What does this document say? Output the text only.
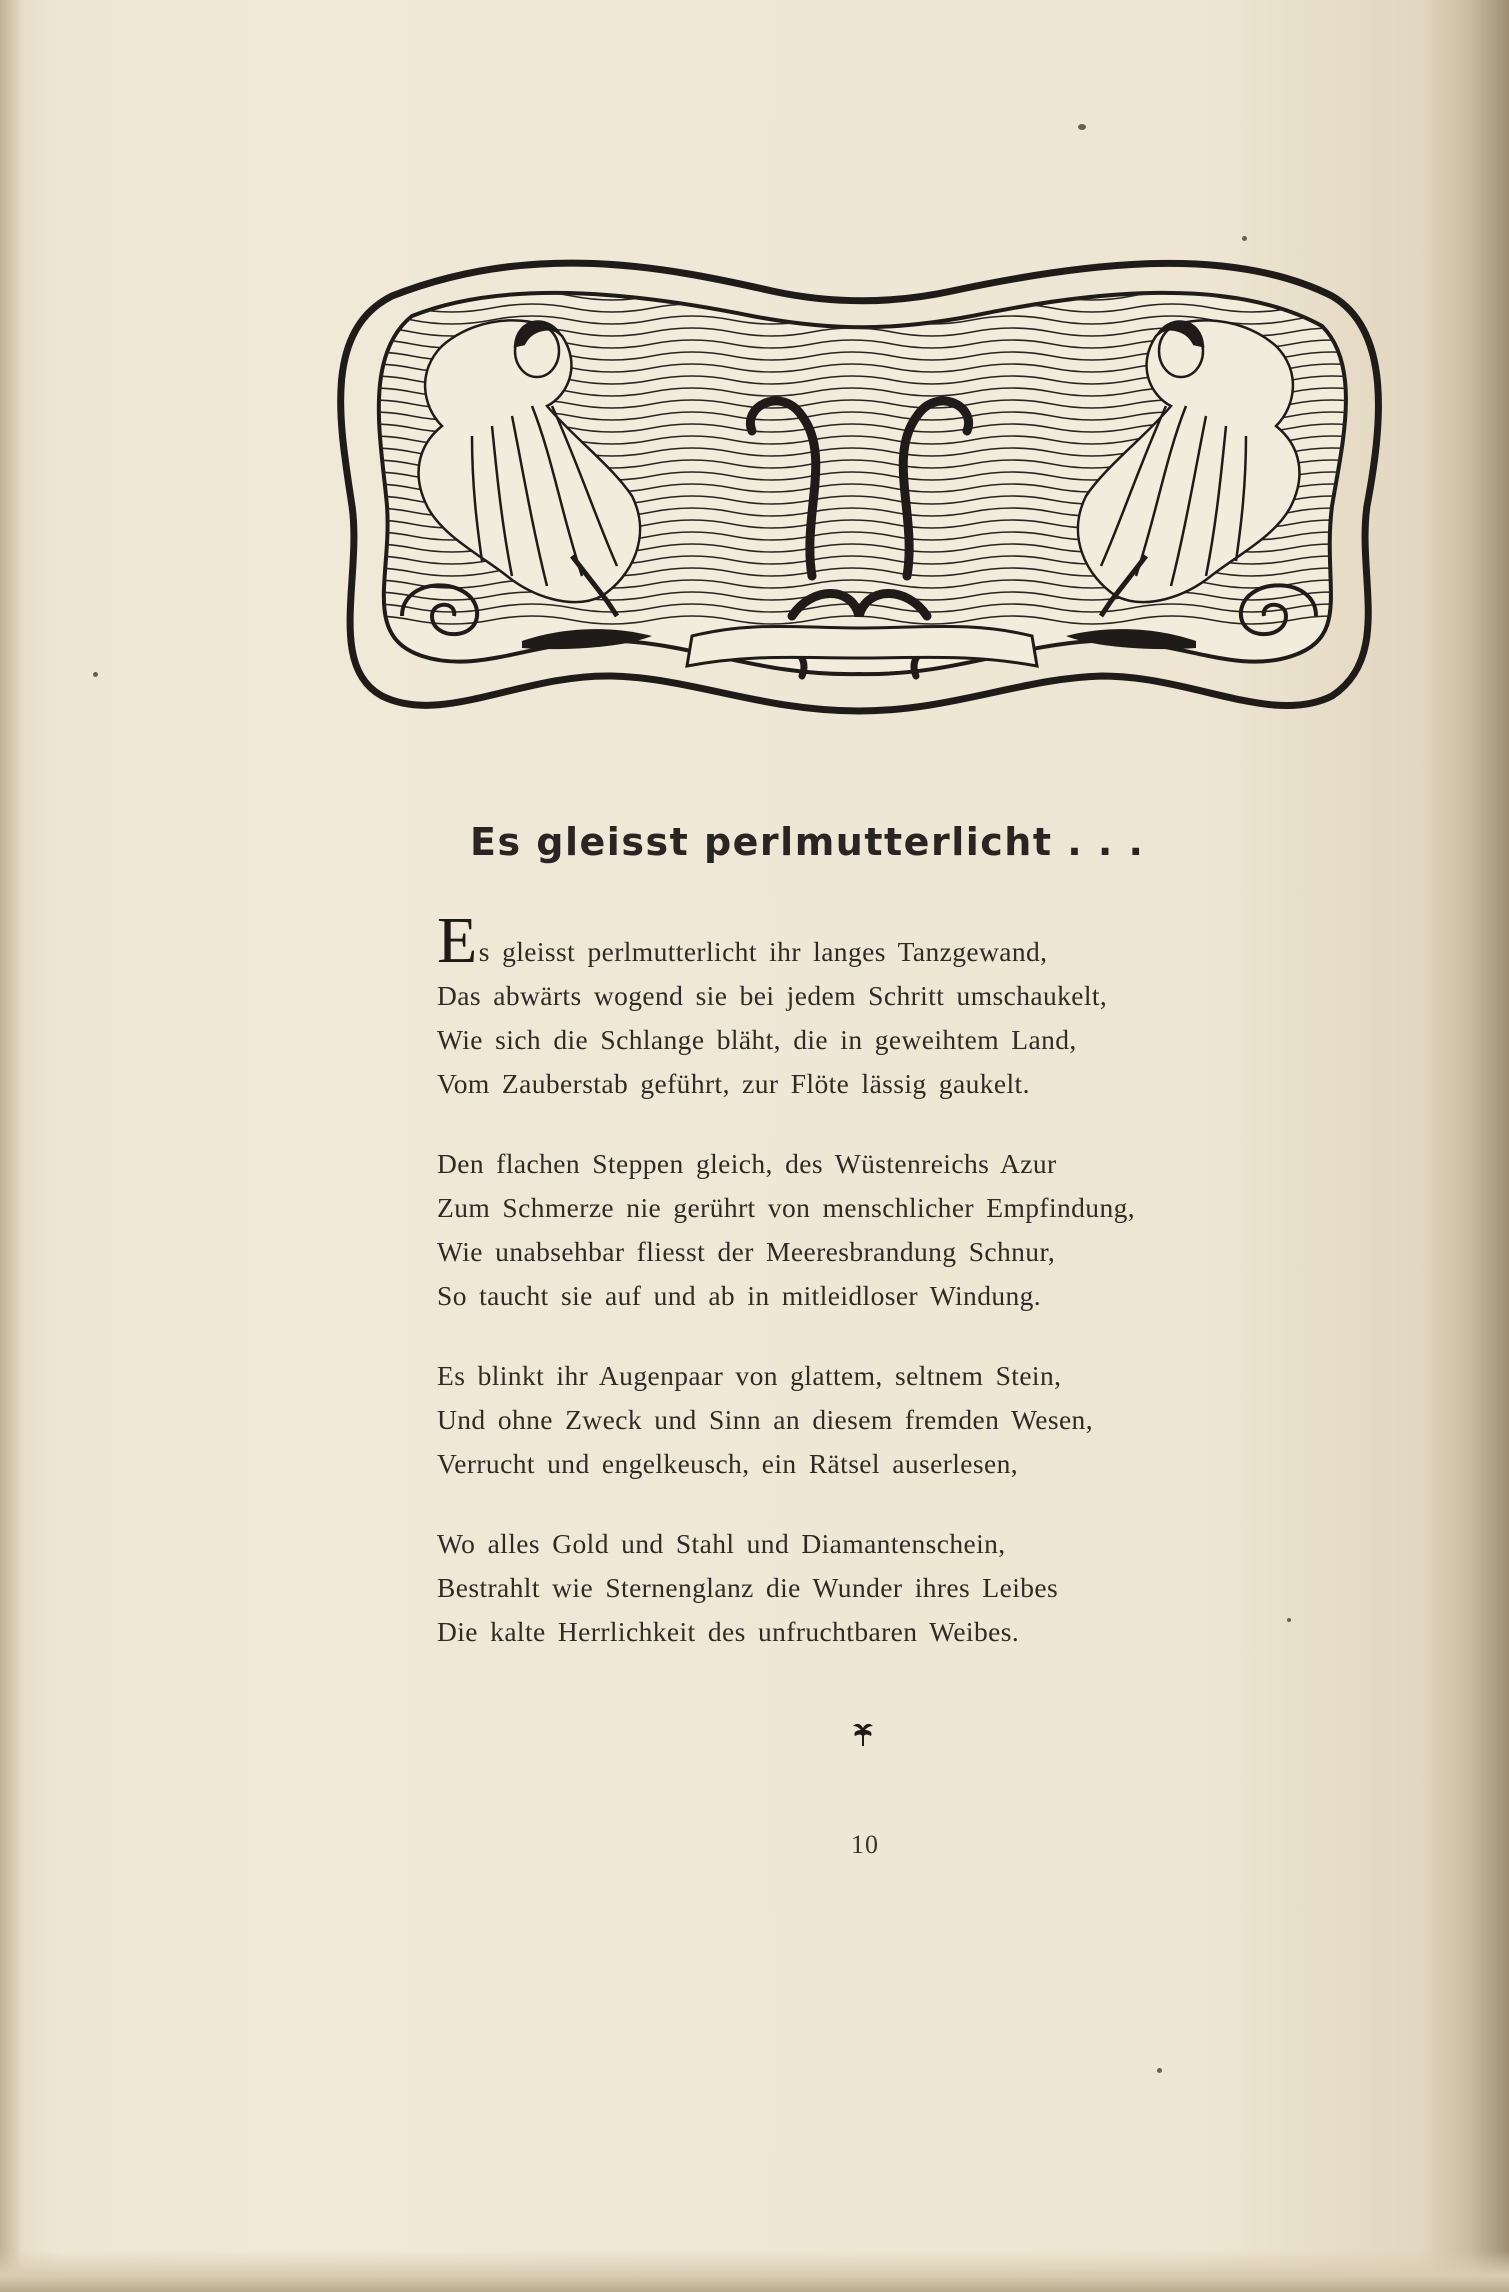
Es gleisst perlmutterlicht . . .
Es gleisst perlmutterlicht ihr langes Tanzgewand,
Das abwärts wogend sie bei jedem Schritt umschaukelt,
Wie sich die Schlange bläht, die in geweihtem Land,
Vom Zauberstab geführt, zur Flöte lässig gaukelt.
Den flachen Steppen gleich, des Wüstenreichs Azur
Zum Schmerze nie gerührt von menschlicher Empfindung,
Wie unabsehbar fliesst der Meeresbrandung Schnur,
So taucht sie auf und ab in mitleidloser Windung.
Es blinkt ihr Augenpaar von glattem, seltnem Stein,
Und ohne Zweck und Sinn an diesem fremden Wesen,
Verrucht und engelkeusch, ein Rätsel auserlesen,
Wo alles Gold und Stahl und Diamantenschein,
Bestrahlt wie Sternenglanz die Wunder ihres Leibes
Die kalte Herrlichkeit des unfruchtbaren Weibes.
10
